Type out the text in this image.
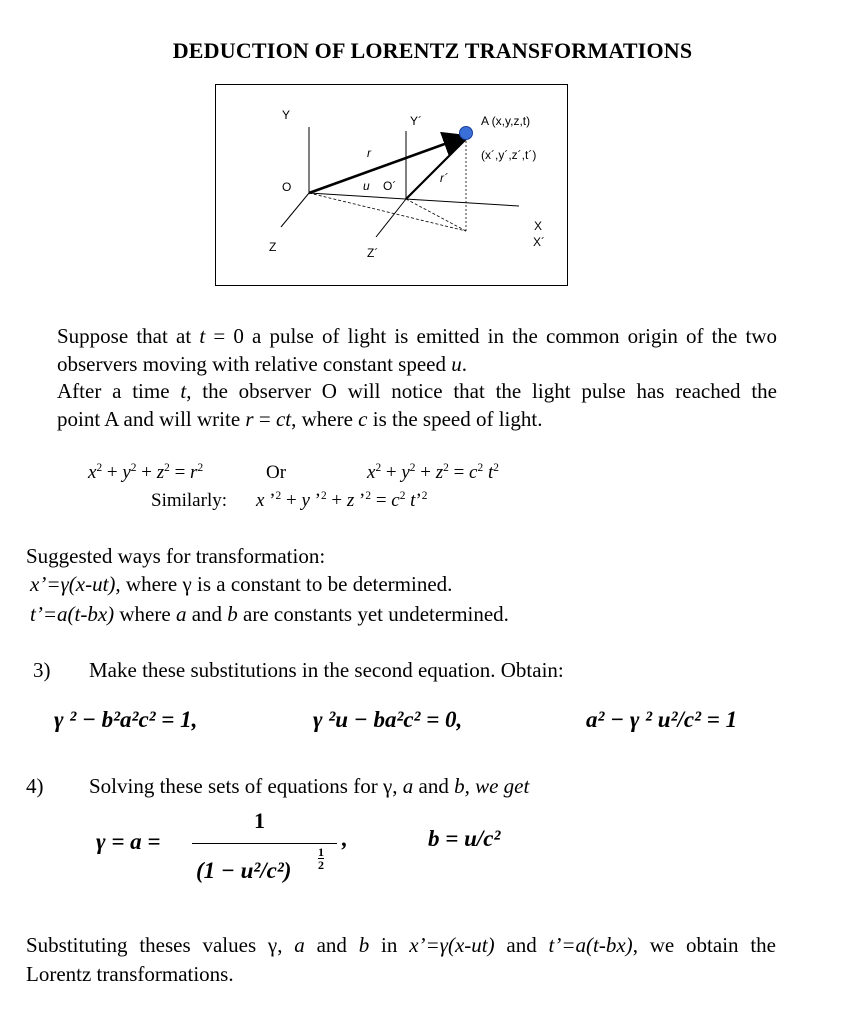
DEDUCTION OF LORENTZ TRANSFORMATIONS
Y	Y´	A (x,y,z,t)
(x´,y´,z´,t´)
r
r´
O	u O´
X
X´
Z	Z´
Suppose that at t = 0 a pulse of light is emitted in the common origin of the two
observers moving with relative constant speed u.
After a time t, the observer O will notice that the light pulse has reached the
point A and will write r = ct, where c is the speed of light.
$x^2 + y^2 + z^2 = r^2$	Or	$x^2 + y^2 + z^2 = c^2$ $t^2$
Similarly: x ’$^2$ + y ’$^2$ + z ’$^2$ = $c^2$ t’$^2$
Suggested ways for transformation:
x’=γ(x-ut), where γ is a constant to be determined.
t’=a(t-bx) where a and b are constants yet undetermined.
3) Make these substitutions in the second equation. Obtain:
γ ² − b²a²c² = 1,	γ ²u − ba²c² = 0,	a² − γ ² u²/c² = 1
4) Solving these sets of equations for γ, a and b, we get
γ = a =
1
(1 − u²/c²)
1
2
,	b = u/c²
Substituting theses values γ, a and b in x’=γ(x-ut) and t’=a(t-bx), we obtain the
Lorentz transformations.
